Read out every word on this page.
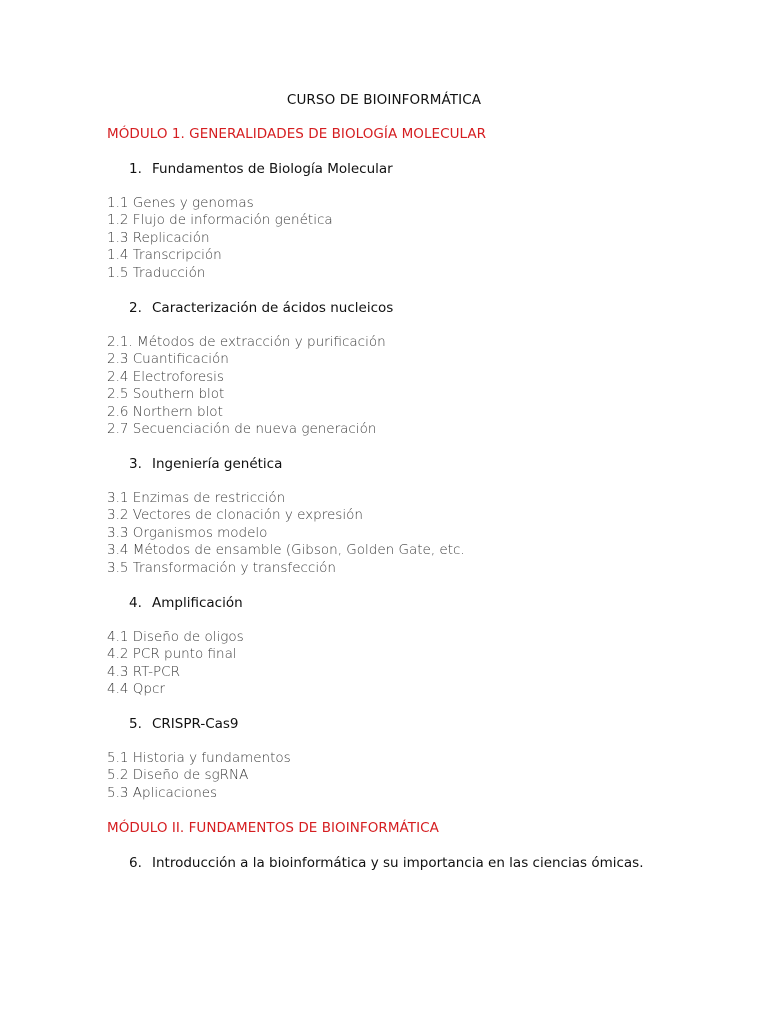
CURSO DE BIOINFORMÁTICA
MÓDULO 1. GENERALIDADES DE BIOLOGÍA MOLECULAR
1. Fundamentos de Biología Molecular
1.1 Genes y genomas
1.2 Flujo de información genética
1.3 Replicación
1.4 Transcripción
1.5 Traducción
2. Caracterización de ácidos nucleicos
2.1. Métodos de extracción y purificación
2.3 Cuantificación
2.4 Electroforesis
2.5 Southern blot
2.6 Northern blot
2.7 Secuenciación de nueva generación
3. Ingeniería genética
3.1 Enzimas de restricción
3.2 Vectores de clonación y expresión
3.3 Organismos modelo
3.4 Métodos de ensamble (Gibson, Golden Gate, etc.
3.5 Transformación y transfección
4. Amplificación
4.1 Diseño de oligos
4.2 PCR punto final
4.3 RT-PCR
4.4 Qpcr
5. CRISPR-Cas9
5.1 Historia y fundamentos
5.2 Diseño de sgRNA
5.3 Aplicaciones
MÓDULO II. FUNDAMENTOS DE BIOINFORMÁTICA
6. Introducción a la bioinformática y su importancia en las ciencias ómicas.
